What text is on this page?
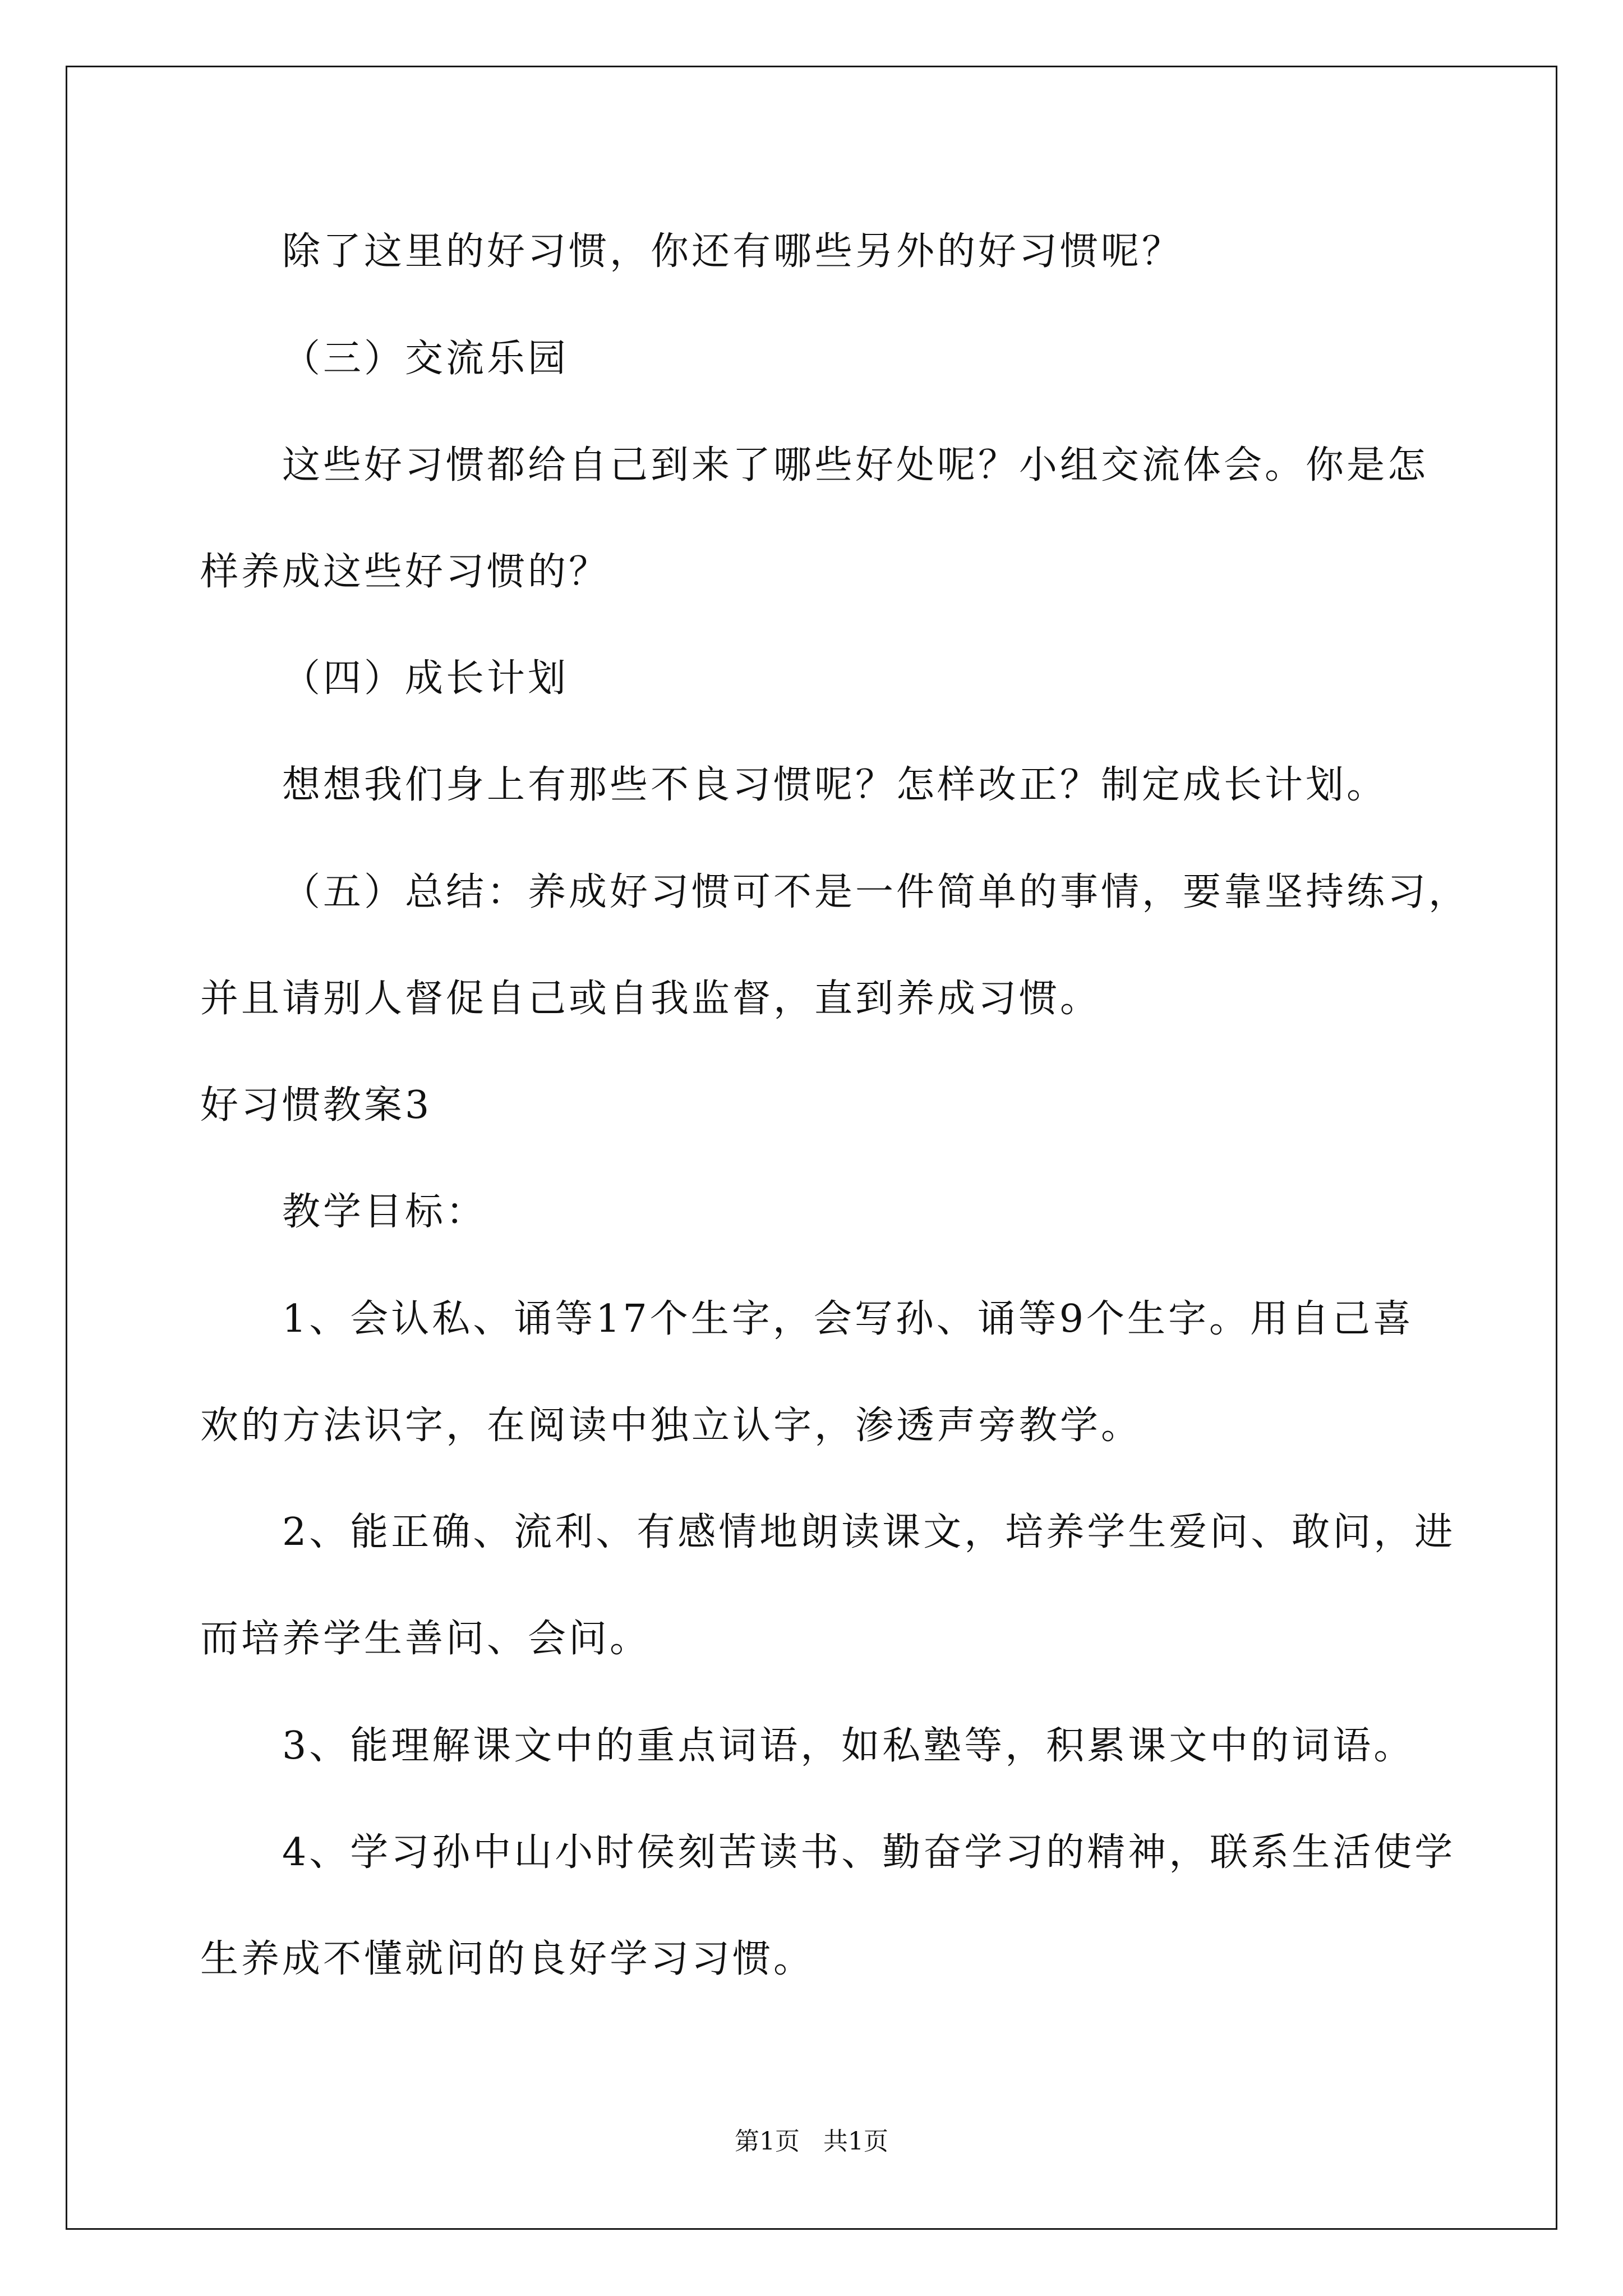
除了这里的好习惯，你还有哪些另外的好习惯呢？
（三）交流乐园
这些好习惯都给自己到来了哪些好处呢？小组交流体会。你是怎
样养成这些好习惯的？
（四）成长计划
想想我们身上有那些不良习惯呢？怎样改正？制定成长计划。
（五）总结：养成好习惯可不是一件简单的事情，要靠坚持练习，
并且请别人督促自己或自我监督，直到养成习惯。
好习惯教案3
教学目标：
1、会认私、诵等17个生字，会写孙、诵等9个生字。用自己喜
欢的方法识字，在阅读中独立认字，渗透声旁教学。
2、能正确、流利、有感情地朗读课文，培养学生爱问、敢问，进
而培养学生善问、会问。
3、能理解课文中的重点词语，如私塾等，积累课文中的词语。
4、学习孙中山小时侯刻苦读书、勤奋学习的精神，联系生活使学
生养成不懂就问的良好学习习惯。
第1页   共1页
